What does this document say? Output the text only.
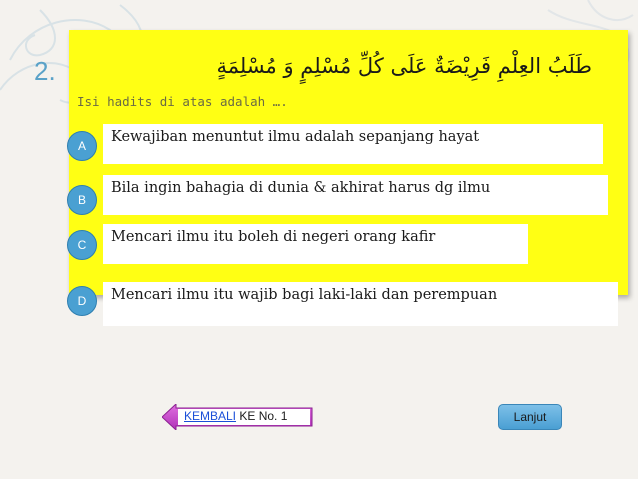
2.	طَلَبُ العِلْمِ فَرِيْضَةٌ عَلَى كُلِّ مُسْلِمٍ وَ مُسْلِمَةٍ
Isi hadits di atas adalah ….
A
Kewajiban menuntut ilmu adalah sepanjang hayat
B
Bila ingin bahagia di dunia & akhirat harus dg ilmu
C	Mencari ilmu itu boleh di negeri orang kafir
D	Mencari ilmu itu wajib bagi laki-laki dan perempuan
KEMBALI KE No. 1	Lanjut
